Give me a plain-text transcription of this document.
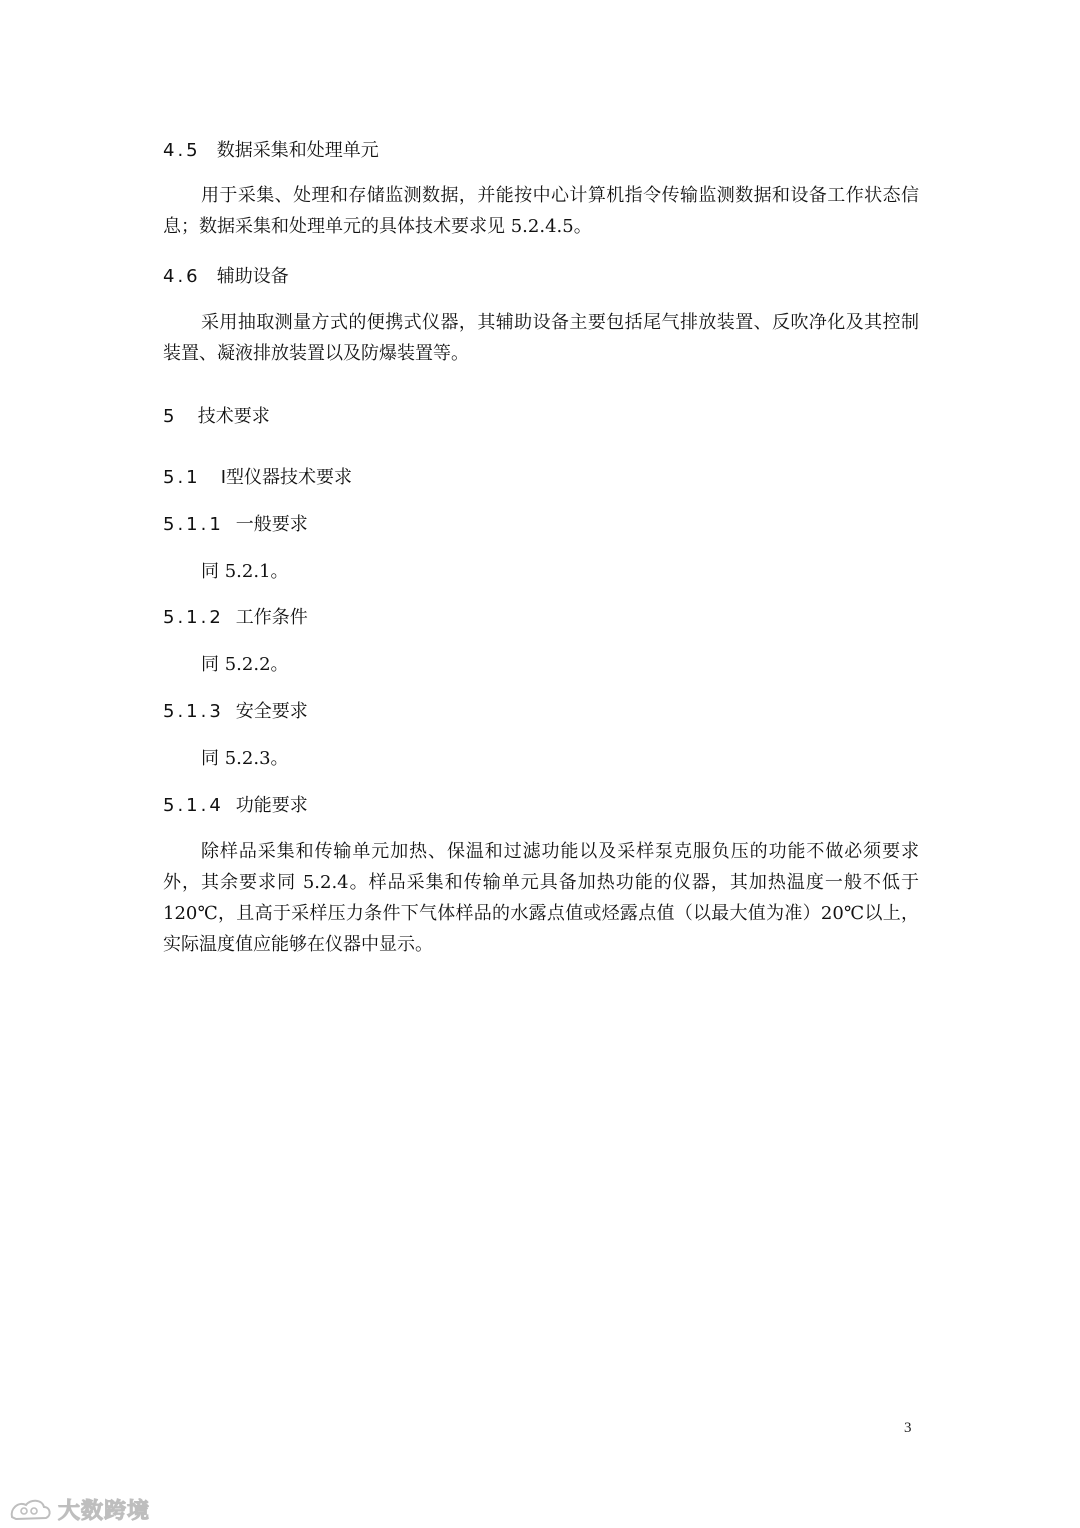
4.5 数据采集和处理单元
用于采集、处理和存储监测数据，并能按中心计算机指令传输监测数据和设备工作状态信息；数据采集和处理单元的具体技术要求见 5.2.4.5。
4.6 辅助设备
采用抽取测量方式的便携式仪器，其辅助设备主要包括尾气排放装置、反吹净化及其控制装置、凝液排放装置以及防爆装置等。
5 技术要求
5.1 Ⅰ型仪器技术要求
5.1.1 一般要求
同 5.2.1。
5.1.2 工作条件
同 5.2.2。
5.1.3 安全要求
同 5.2.3。
5.1.4 功能要求
除样品采集和传输单元加热、保温和过滤功能以及采样泵克服负压的功能不做必须要求外，其余要求同 5.2.4。样品采集和传输单元具备加热功能的仪器，其加热温度一般不低于 120℃，且高于采样压力条件下气体样品的水露点值或烃露点值（以最大值为准）20℃以上，实际温度值应能够在仪器中显示。
3
大数跨境
